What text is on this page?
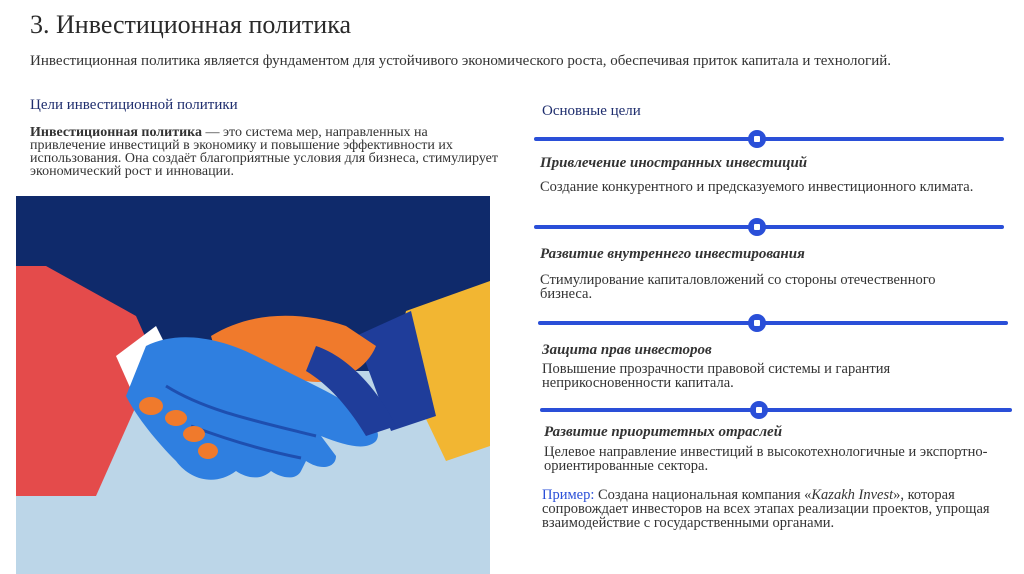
3. Инвестиционная политика

Инвестиционная политика является фундаментом для устойчивого экономического роста, обеспечивая приток капитала и технологий.

Цели инвестиционной политики

Инвестиционная политика — это система мер, направленных на привлечение инвестиций в экономику и повышение эффективности их использования. Она создаёт благоприятные условия для бизнеса, стимулирует экономический рост и инновации.

Основные цели

Привлечение иностранных инвестиций

Создание конкурентного и предсказуемого инвестиционного климата.

Развитие внутреннего инвестирования

Стимулирование капиталовложений со стороны отечественного бизнеса.

Защита прав инвесторов

Повышение прозрачности правовой системы и гарантия неприкосновенности капитала.

Развитие приоритетных отраслей

Целевое направление инвестиций в высокотехнологичные и экспортно-ориентированные сектора.

Пример: Создана национальная компания «Kazakh Invest», которая сопровождает инвесторов на всех этапах реализации проектов, упрощая взаимодействие с государственными органами.
